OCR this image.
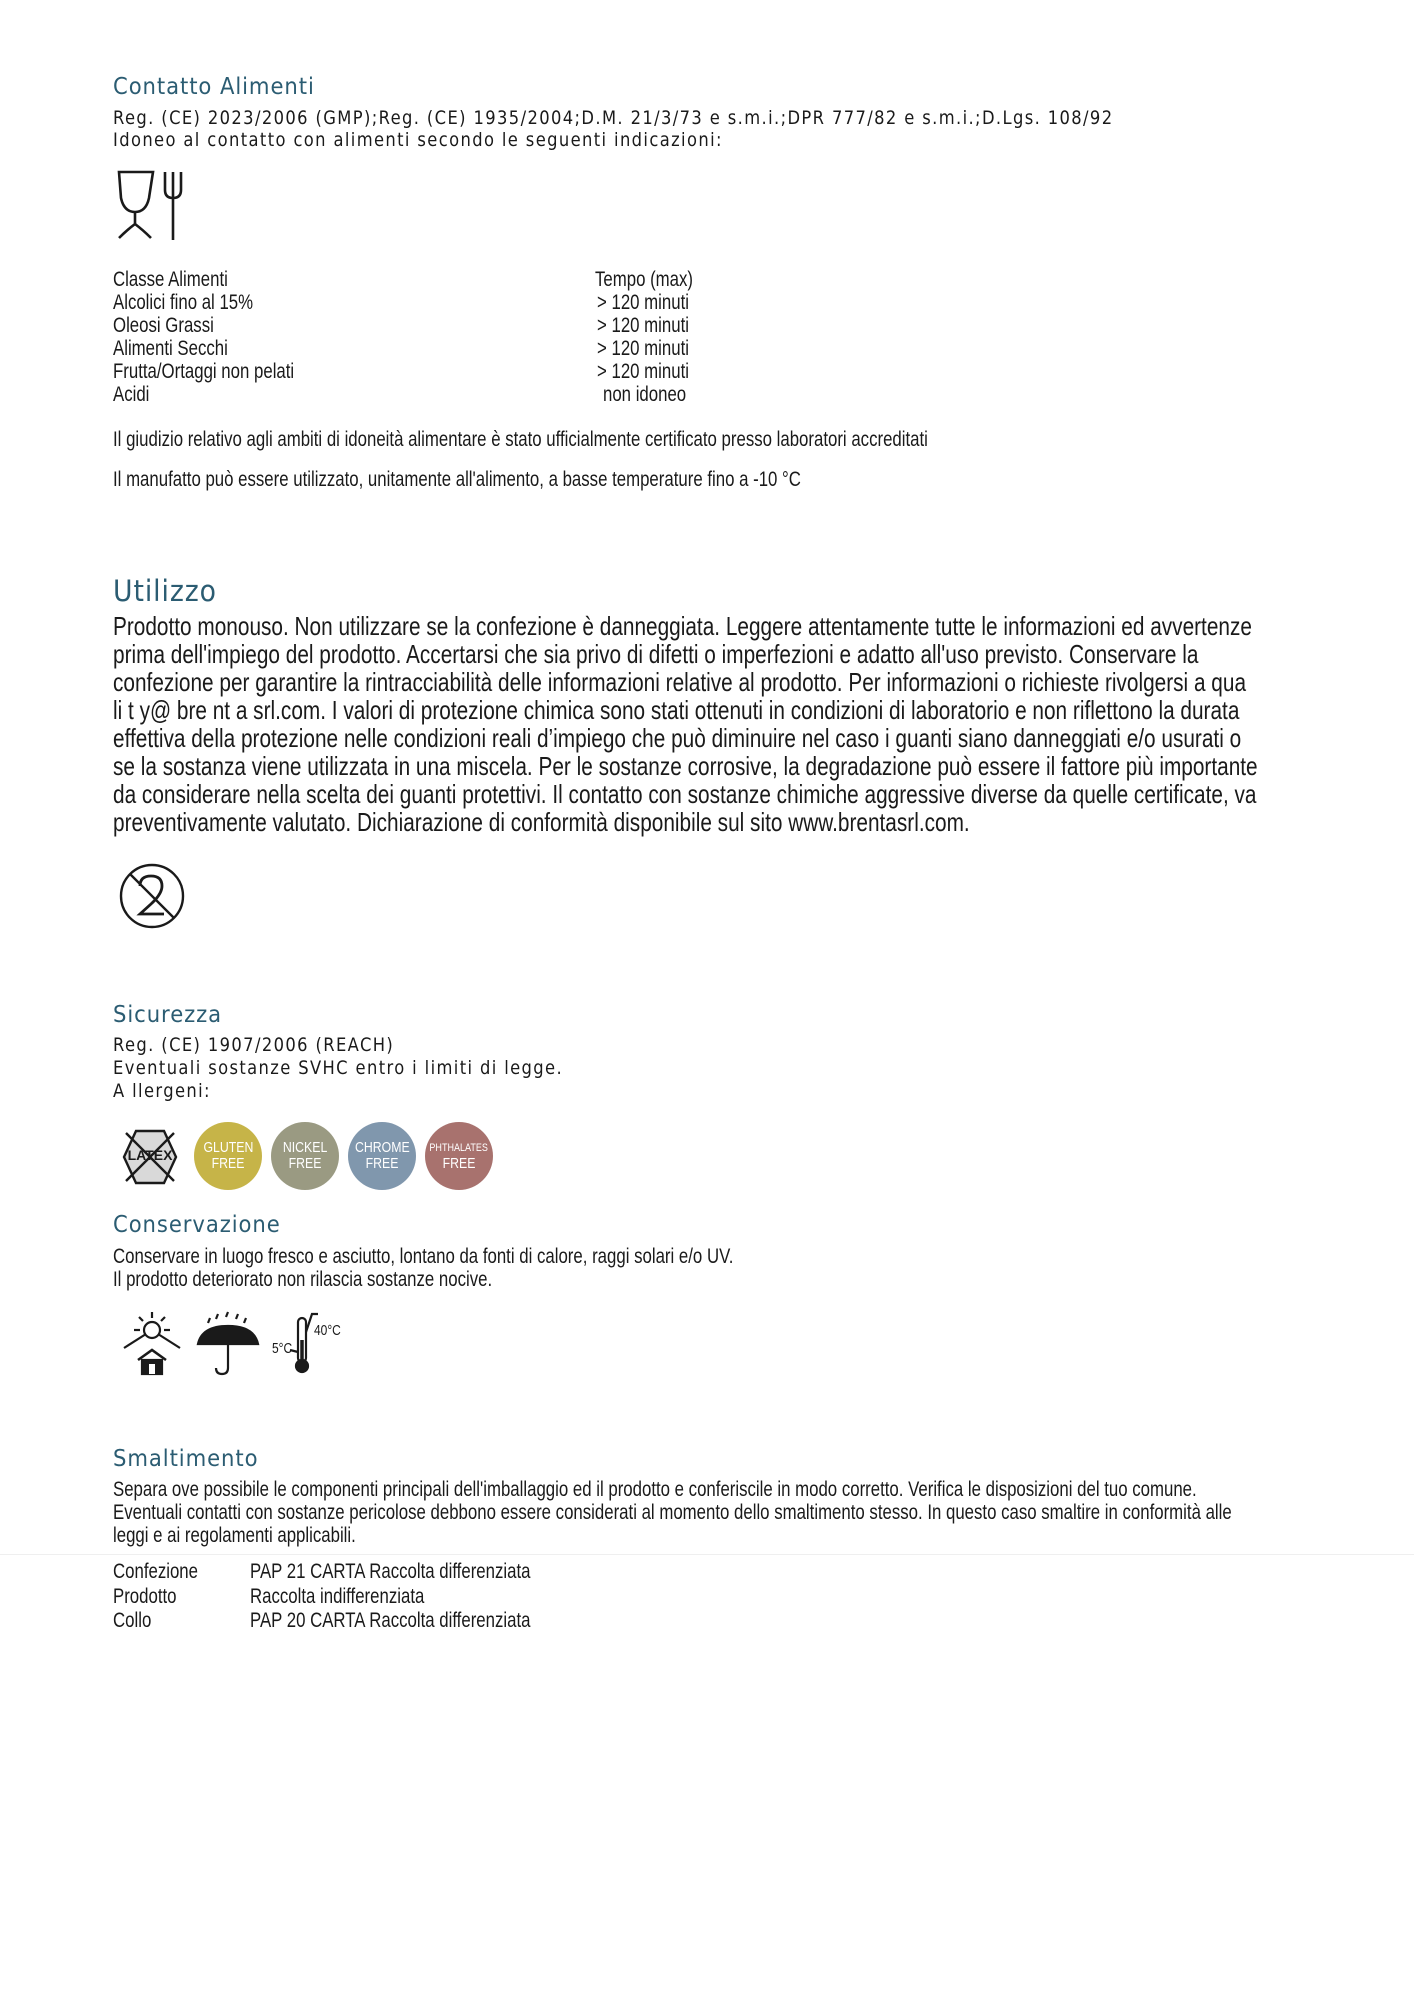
Contatto Alimenti
Reg. (CE) 2023/2006 (GMP);Reg. (CE) 1935/2004;D.M. 21/3/73 e s.m.i.;DPR 777/82 e s.m.i.;D.Lgs. 108/92
Idoneo al contatto con alimenti secondo le seguenti indicazioni:
Classe Alimenti	Tempo (max)
Alcolici fino al 15%	> 120 minuti
Oleosi Grassi	> 120 minuti
Alimenti Secchi	> 120 minuti
Frutta/Ortaggi non pelati	> 120 minuti
Acidi	non idoneo
Il giudizio relativo agli ambiti di idoneità alimentare è stato ufficialmente certificato presso laboratori accreditati
Il manufatto può essere utilizzato, unitamente all'alimento, a basse temperature fino a -10 °C
Utilizzo
Prodotto monouso. Non utilizzare se la confezione è danneggiata. Leggere attentamente tutte le informazioni ed avvertenze
prima dell'impiego del prodotto. Accertarsi che sia privo di difetti o imperfezioni e adatto all'uso previsto. Conservare la
confezione per garantire la rintracciabilità delle informazioni relative al prodotto. Per informazioni o richieste rivolgersi a qua
li t y@ bre nt a srl.com. I valori di protezione chimica sono stati ottenuti in condizioni di laboratorio e non riflettono la durata
effettiva della protezione nelle condizioni reali d’impiego che può diminuire nel caso i guanti siano danneggiati e/o usurati o
se la sostanza viene utilizzata in una miscela. Per le sostanze corrosive, la degradazione può essere il fattore più importante
da considerare nella scelta dei guanti protettivi. Il contatto con sostanze chimiche aggressive diverse da quelle certificate, va
preventivamente valutato. Dichiarazione di conformità disponibile sul sito www.brentasrl.com.
Sicurezza
Reg. (CE) 1907/2006 (REACH)
Eventuali sostanze SVHC entro i limiti di legge.
A llergeni:
LATEX	GLUTEN
FREE
NICKEL
FREE
CHROME
FREE
PHTHALATES
FREE
Conservazione
Conservare in luogo fresco e asciutto, lontano da fonti di calore, raggi solari e/o UV.
Il prodotto deteriorato non rilascia sostanze nocive.
5°C
40°C
Smaltimento
Separa ove possibile le componenti principali dell'imballaggio ed il prodotto e conferiscile in modo corretto. Verifica le disposizioni del tuo comune.
Eventuali contatti con sostanze pericolose debbono essere considerati al momento dello smaltimento stesso. In questo caso smaltire in conformità alle
leggi e ai regolamenti applicabili.
Confezione PAP 21 CARTA Raccolta differenziata
Prodotto	Raccolta indifferenziata
Collo	PAP 20 CARTA Raccolta differenziata
